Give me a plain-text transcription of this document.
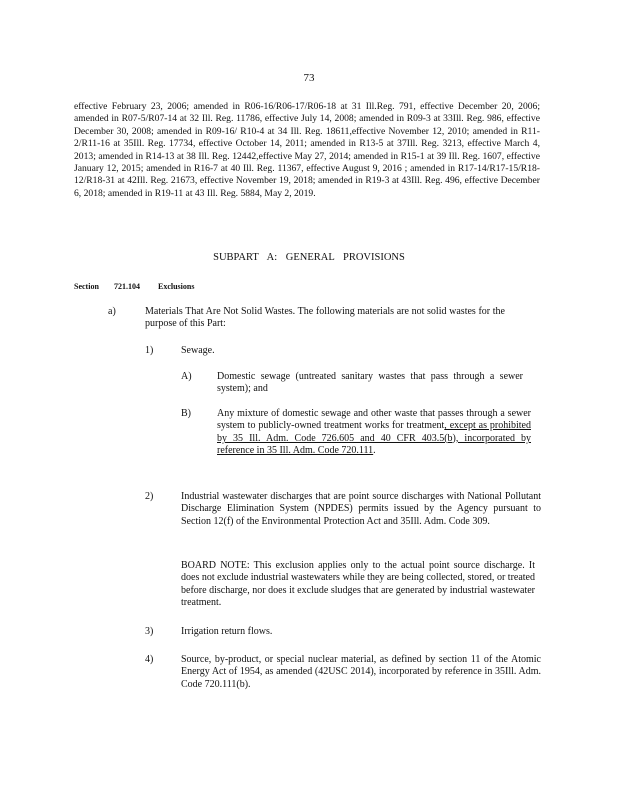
73
effective February 23, 2006; amended in R06-16/R06-17/R06-18 at 31 Ill.Reg. 791, effective December 20, 2006; amended in R07-5/R07-14 at 32 Ill. Reg. 11786, effective July 14, 2008; amended in R09-3 at 33Ill. Reg. 986, effective December 30, 2008; amended in R09-16/ R10-4 at 34 Ill. Reg. 18611,effective November 12, 2010; amended in R11-2/R11-16 at 35Ill. Reg. 17734, effective October 14, 2011; amended in R13-5 at 37Ill. Reg. 3213, effective March 4, 2013; amended in R14-13 at 38 Ill. Reg. 12442,effective May 27, 2014; amended in R15-1 at 39 Ill. Reg. 1607, effective January 12, 2015; amended in R16-7 at 40 Ill. Reg. 11367, effective August 9, 2016 ; amended in R17-14/R17-15/R18-12/R18-31 at 42Ill. Reg. 21673, effective November 19, 2018; amended in R19-3 at 43Ill. Reg. 496, effective December 6, 2018; amended in R19-11 at 43 Ill. Reg. 5884, May 2, 2019.
SUBPART A: GENERAL PROVISIONS
Section 721.104 Exclusions
a)	Materials That Are Not Solid Wastes. The following materials are not solid wastes for the purpose of this Part:
1)	Sewage.
A)	Domestic sewage (untreated sanitary wastes that pass through a sewer system); and
B)	Any mixture of domestic sewage and other waste that passes through a sewer system to publicly-owned treatment works for treatment, except as prohibited by 35 Ill. Adm. Code 726.605 and 40 CFR 403.5(b), incorporated by reference in 35 Ill. Adm. Code 720.111.
2)	Industrial wastewater discharges that are point source discharges with National Pollutant Discharge Elimination System (NPDES) permits issued by the Agency pursuant to Section 12(f) of the Environmental Protection Act and 35Ill. Adm. Code 309.
BOARD NOTE: This exclusion applies only to the actual point source discharge. It does not exclude industrial wastewaters while they are being collected, stored, or treated before discharge, nor does it exclude sludges that are generated by industrial wastewater treatment.
3)	Irrigation return flows.
4)	Source, by-product, or special nuclear material, as defined by section 11 of the Atomic Energy Act of 1954, as amended (42USC 2014), incorporated by reference in 35Ill. Adm. Code 720.111(b).
